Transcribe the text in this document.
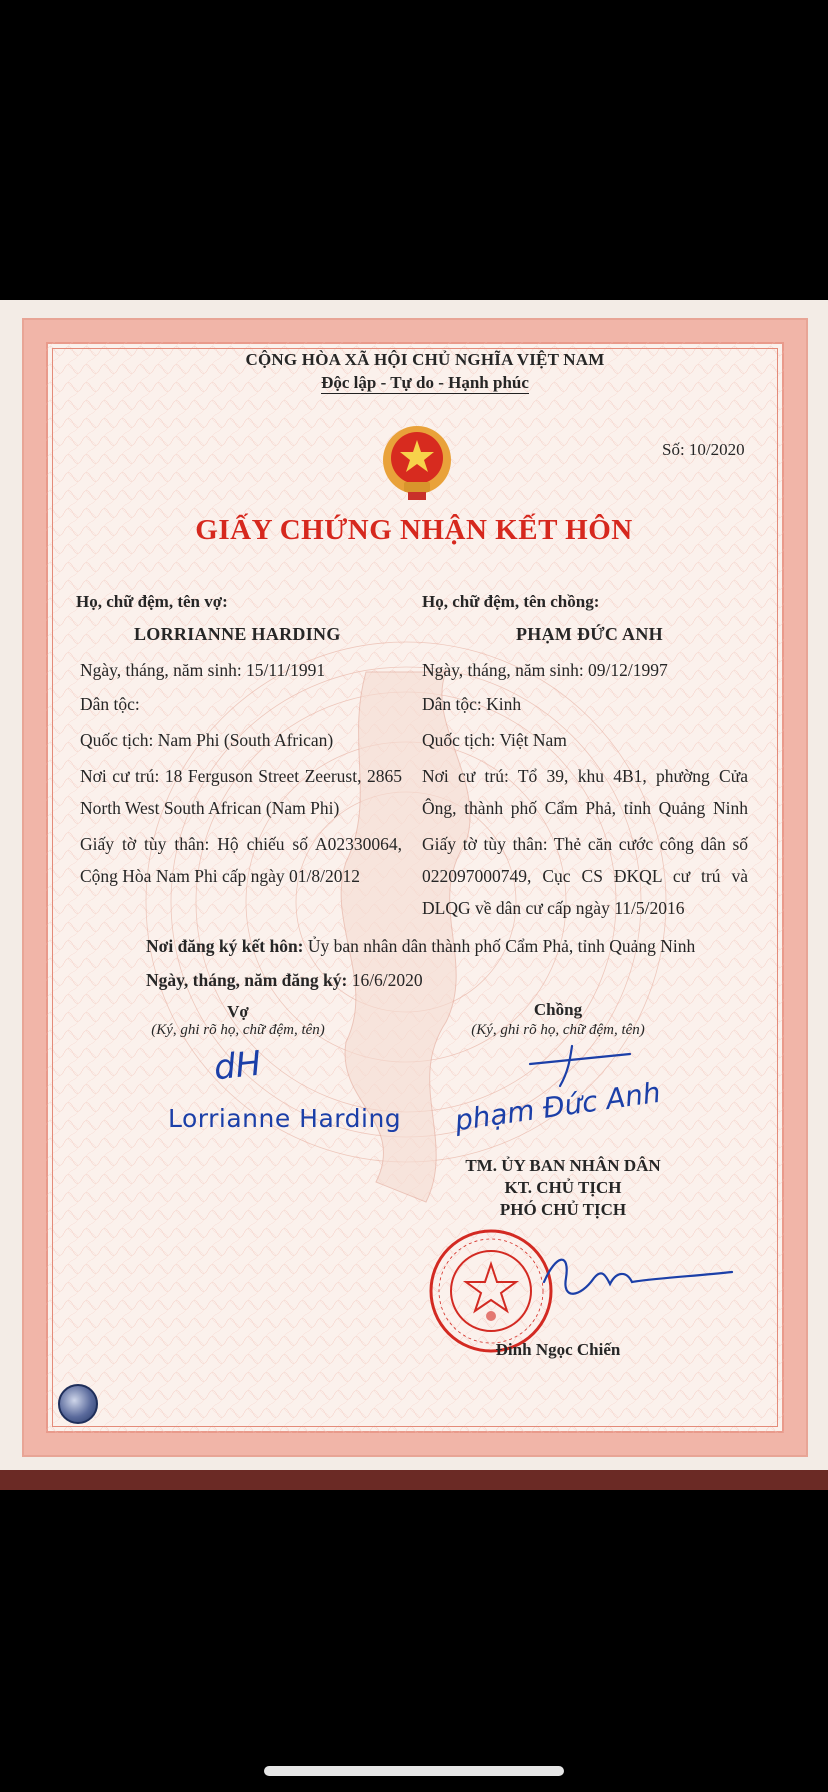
CỘNG HÒA XÃ HỘI CHỦ NGHĨA VIỆT NAM
Độc lập - Tự do - Hạnh phúc
Số: 10/2020
GIẤY CHỨNG NHẬN KẾT HÔN
Họ, chữ đệm, tên vợ:
LORRIANNE HARDING
Ngày, tháng, năm sinh: 15/11/1991
Dân tộc:
Quốc tịch: Nam Phi (South African)
Nơi cư trú: 18 Ferguson Street Zeerust, 2865
North West South African (Nam Phi)
Giấy tờ tùy thân: Hộ chiếu số A02330064,
Cộng Hòa Nam Phi cấp ngày 01/8/2012
Họ, chữ đệm, tên chồng:
PHẠM ĐỨC ANH
Ngày, tháng, năm sinh: 09/12/1997
Dân tộc: Kinh
Quốc tịch: Việt Nam
Nơi cư trú: Tổ 39, khu 4B1, phường Cửa
Ông, thành phố Cẩm Phả, tỉnh Quảng Ninh
Giấy tờ tùy thân: Thẻ căn cước công dân số
022097000749, Cục CS ĐKQL cư trú và
DLQG về dân cư cấp ngày 11/5/2016
Nơi đăng ký kết hôn: Ủy ban nhân dân thành phố Cẩm Phả, tỉnh Quảng Ninh
Ngày, tháng, năm đăng ký: 16/6/2020
Vợ
(Ký, ghi rõ họ, chữ đệm, tên)
dH
Lorrianne Harding
Chồng
(Ký, ghi rõ họ, chữ đệm, tên)
phạm Đức Anh
TM. ỦY BAN NHÂN DÂN
KT. CHỦ TỊCH
PHÓ CHỦ TỊCH
Đinh Ngọc Chiến
